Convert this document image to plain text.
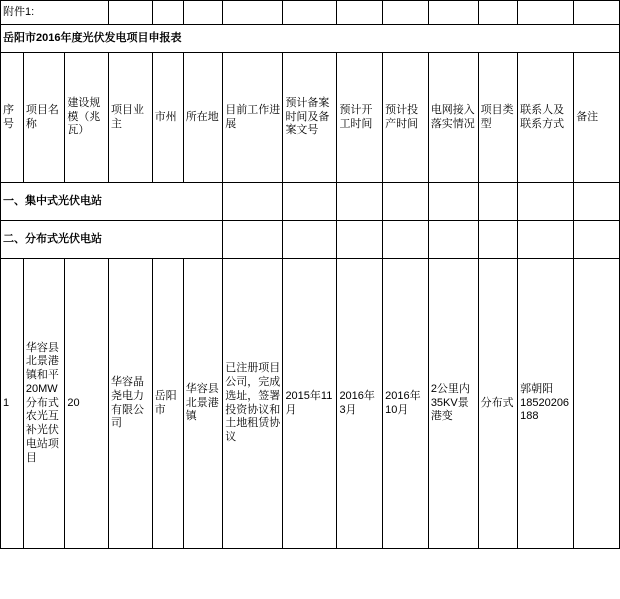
附件1:													
岳阳市2016年度光伏发电项目申报表													
序号	项目名称	建设规模（兆瓦）	项目业主	市州	所在地	目前工作进展	预计备案时间及备案文号	预计开工时间	预计投产时间	电网接入落实情况	项目类型	联系人及联系方式	备注
一、集中式光伏电站													
二、分布式光伏电站													
1	华容县北景港镇和平20MW分布式农光互补光伏电站项目	20	华容晶尧电力有限公司	岳阳市	华容县北景港镇	已注册项目公司，完成选址，签署投资协议和土地租赁协议	2015年11月	2016年3月	2016年10月	2公里内35KV景港变	分布式	郭朝阳18520206188	
